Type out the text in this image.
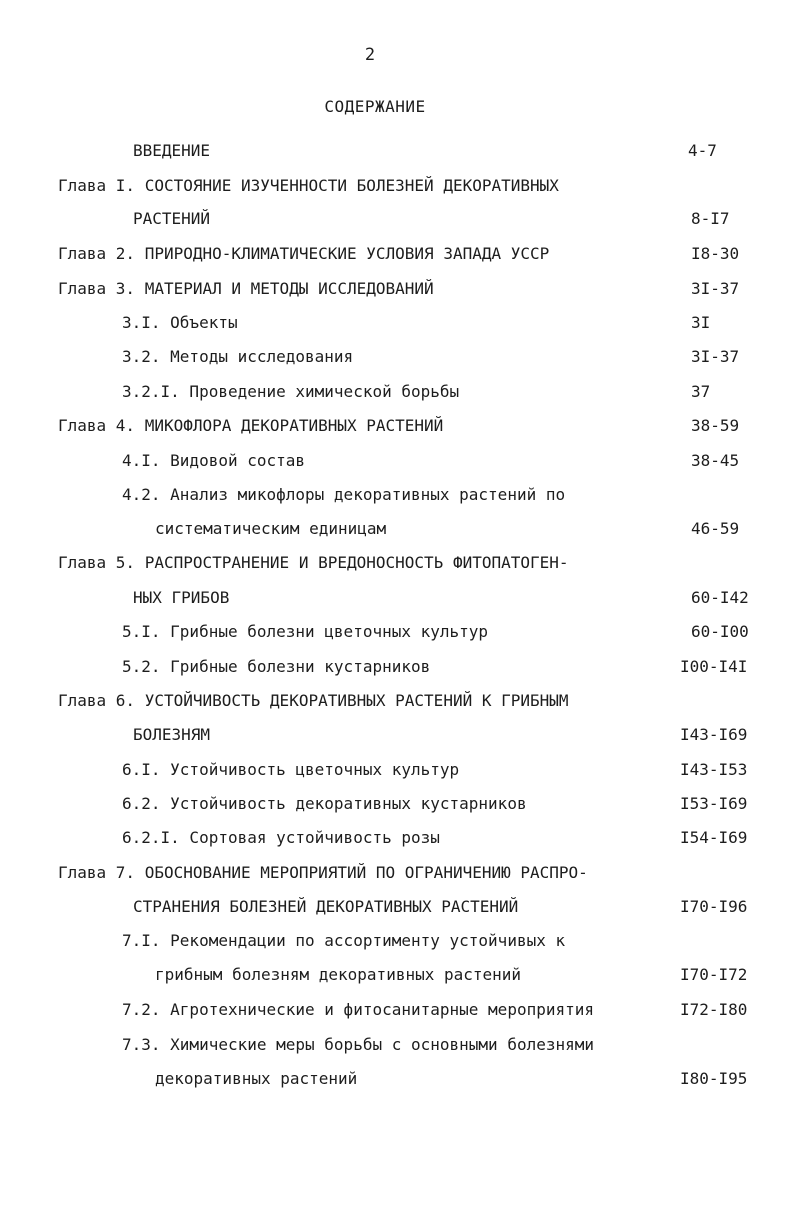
2
СОДЕРЖАНИЕ
ВВЕДЕНИЕ	4-7
Глава I. СОСТОЯНИЕ ИЗУЧЕННОСТИ БОЛЕЗНЕЙ ДЕКОРАТИВНЫХ
РАСТЕНИЙ	8-I7
Глава 2. ПРИРОДНО-КЛИМАТИЧЕСКИЕ УСЛОВИЯ ЗАПАДА УССР	I8-30
Глава 3. МАТЕРИАЛ И МЕТОДЫ ИССЛЕДОВАНИЙ	3I-37
3.I. Объекты	3I
3.2. Методы исследования	3I-37
3.2.I. Проведение химической борьбы	37
Глава 4. МИКОФЛОРА ДЕКОРАТИВНЫХ РАСТЕНИЙ	38-59
4.I. Видовой состав	38-45
4.2. Анализ микофлоры декоративных растений по
систематическим единицам	46-59
Глава 5. РАСПРОСТРАНЕНИЕ И ВРЕДОНОСНОСТЬ ФИТОПАТОГЕН-
НЫХ ГРИБОВ	60-I42
5.I. Грибные болезни цветочных культур	60-I00
5.2. Грибные болезни кустарников	I00-I4I
Глава 6. УСТОЙЧИВОСТЬ ДЕКОРАТИВНЫХ РАСТЕНИЙ К ГРИБНЫМ
БОЛЕЗНЯМ	I43-I69
6.I. Устойчивость цветочных культур	I43-I53
6.2. Устойчивость декоративных кустарников	I53-I69
6.2.I. Сортовая устойчивость розы	I54-I69
Глава 7. ОБОСНОВАНИЕ МЕРОПРИЯТИЙ ПО ОГРАНИЧЕНИЮ РАСПРО-
СТРАНЕНИЯ БОЛЕЗНЕЙ ДЕКОРАТИВНЫХ РАСТЕНИЙ	I70-I96
7.I. Рекомендации по ассортименту устойчивых к
грибным болезням декоративных растений	I70-I72
7.2. Агротехнические и фитосанитарные мероприятия	I72-I80
7.3. Химические меры борьбы с основными болезнями
декоративных растений	I80-I95
